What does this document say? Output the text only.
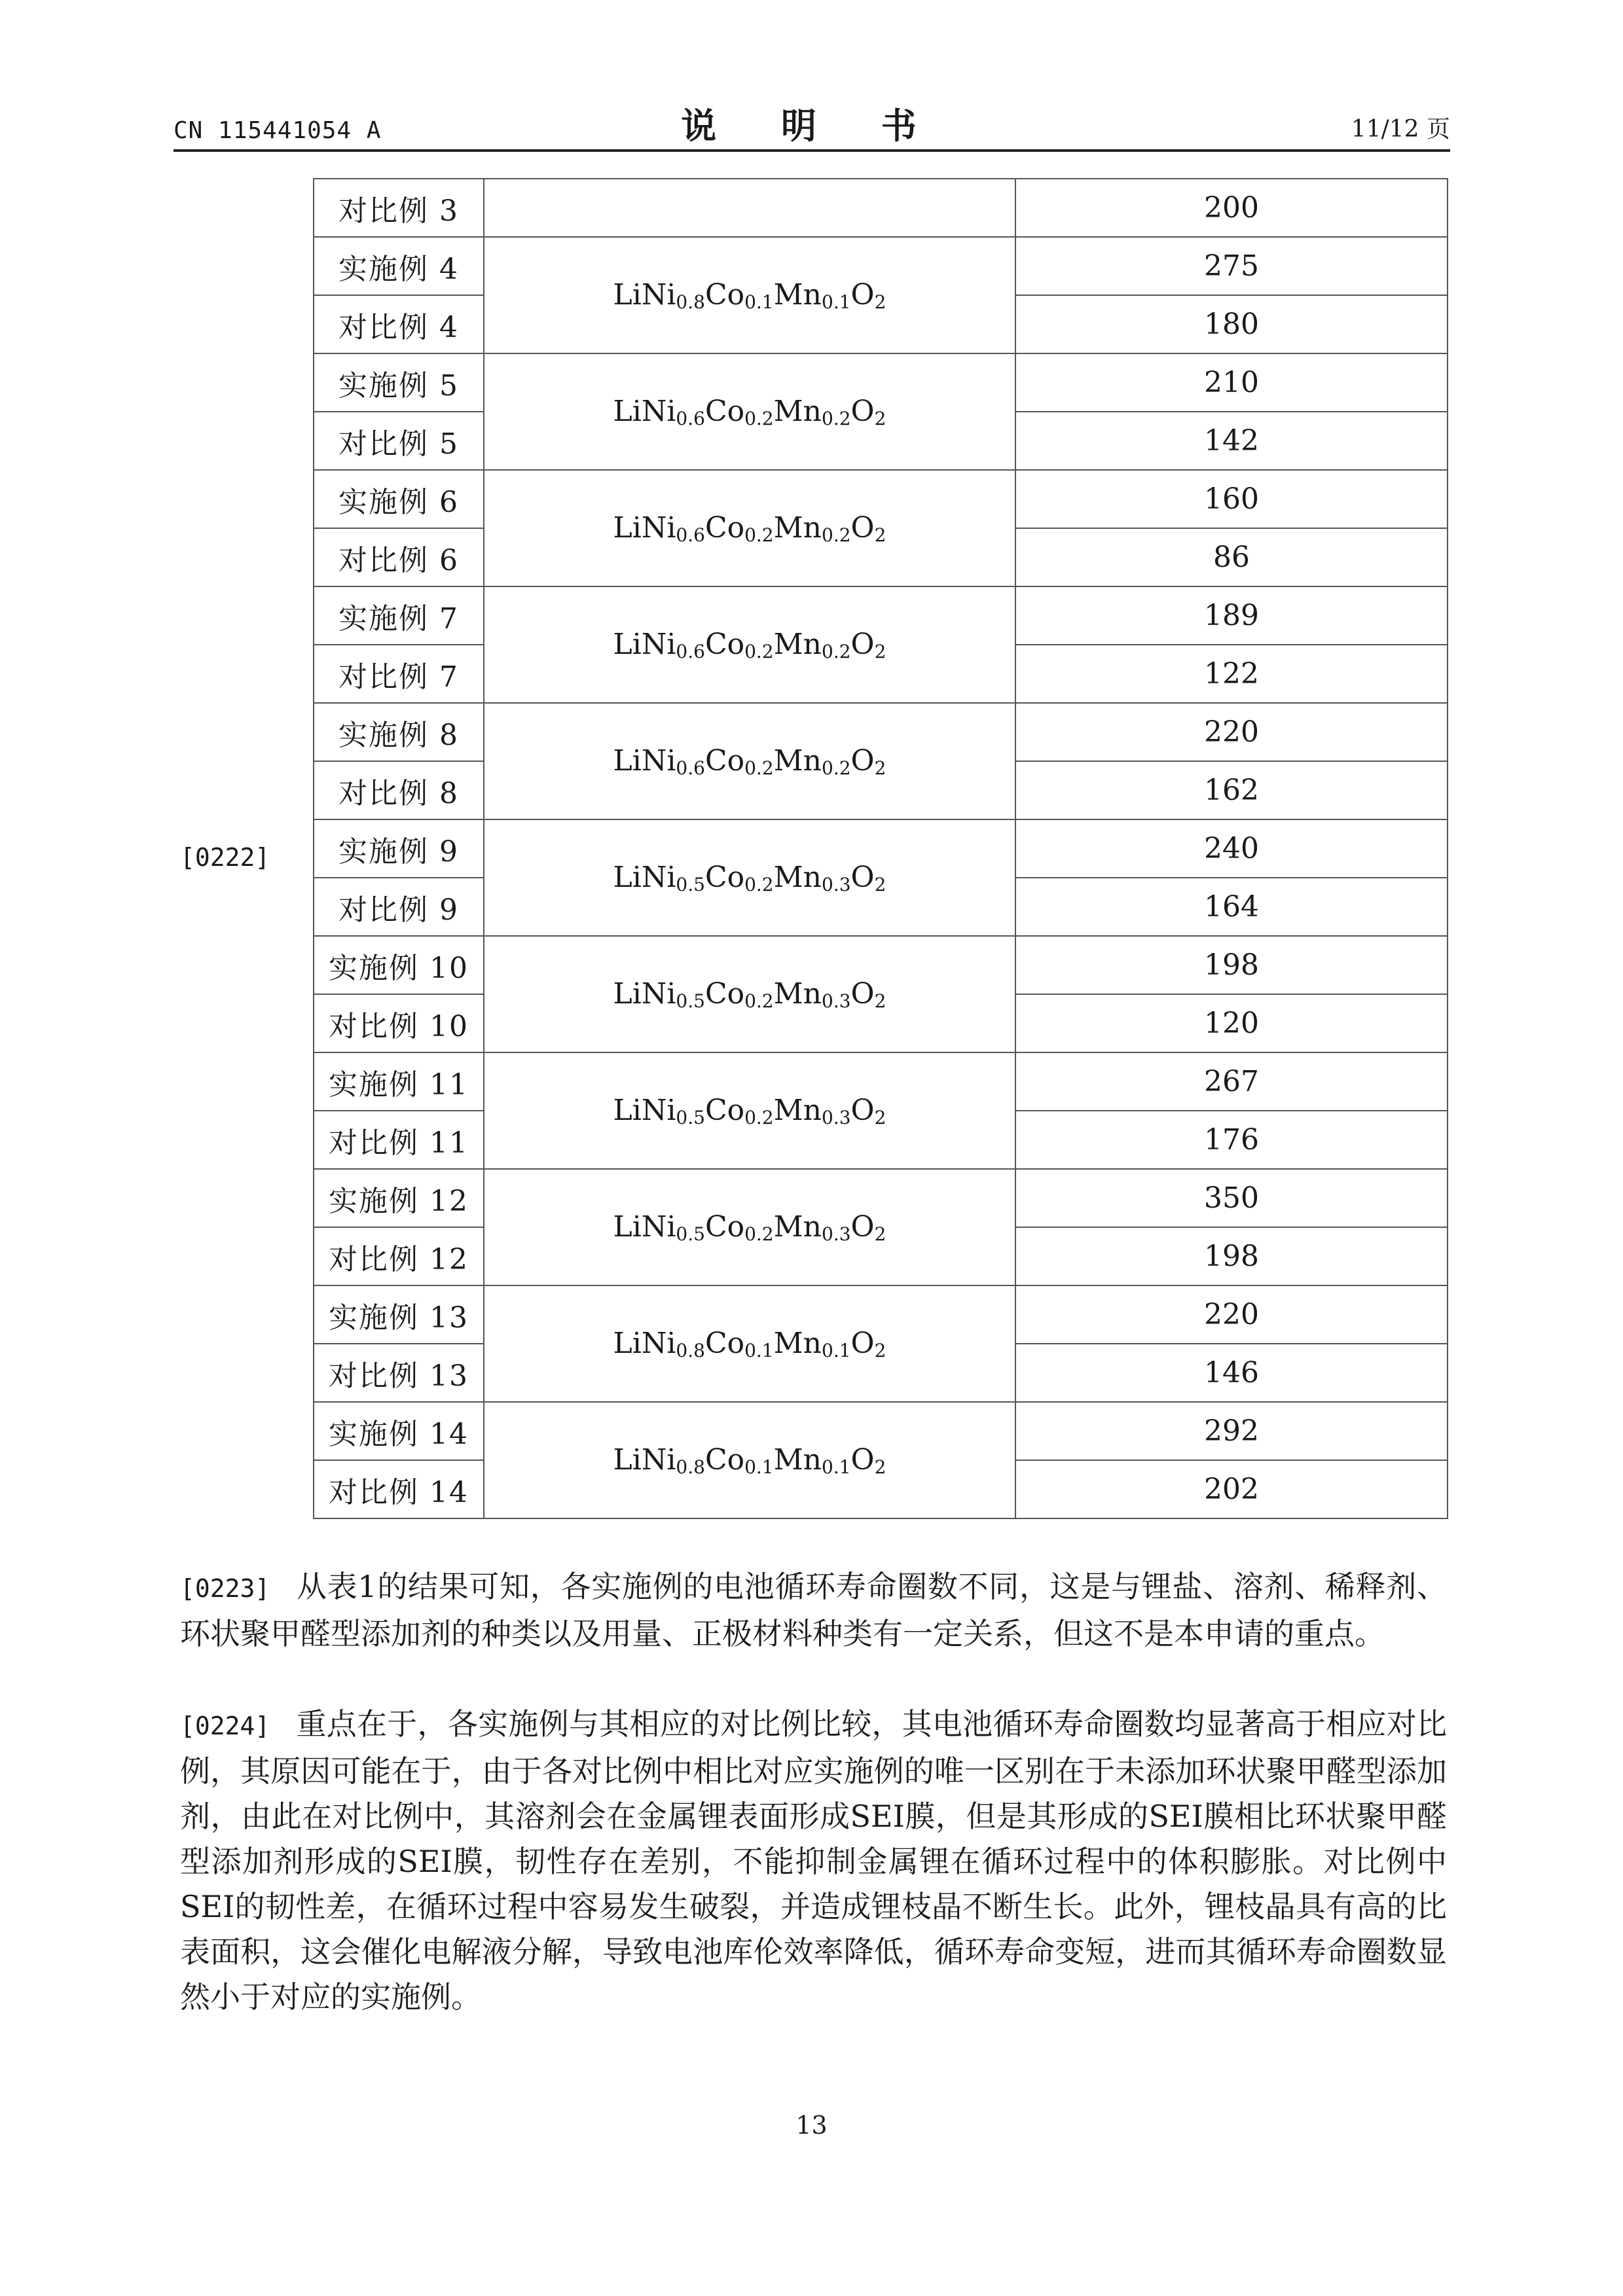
CN 115441054 A	说 明 书	11/12 页
[0222]
对比例 3		200
实施例 4	$LiNi_{0.8}Co_{0.1}Mn_{0.1}O_2$	275
对比例 4		180
实施例 5	$LiNi_{0.6}Co_{0.2}Mn_{0.2}O_2$	210
对比例 5		142
实施例 6	$LiNi_{0.6}Co_{0.2}Mn_{0.2}O_2$	160
对比例 6		86
实施例 7	$LiNi_{0.6}Co_{0.2}Mn_{0.2}O_2$	189
对比例 7		122
实施例 8	$LiNi_{0.6}Co_{0.2}Mn_{0.2}O_2$	220
对比例 8		162
实施例 9	$LiNi_{0.5}Co_{0.2}Mn_{0.3}O_2$	240
对比例 9		164
实施例 10	$LiNi_{0.5}Co_{0.2}Mn_{0.3}O_2$	198
对比例 10		120
实施例 11	$LiNi_{0.5}Co_{0.2}Mn_{0.3}O_2$	267
对比例 11		176
实施例 12	$LiNi_{0.5}Co_{0.2}Mn_{0.3}O_2$	350
对比例 12		198
实施例 13	$LiNi_{0.8}Co_{0.1}Mn_{0.1}O_2$	220
对比例 13		146
实施例 14	$LiNi_{0.8}Co_{0.1}Mn_{0.1}O_2$	292
对比例 14		202
[0223] 从表1的结果可知，各实施例的电池循环寿命圈数不同，这是与锂盐、溶剂、稀释剂、环状聚甲醛型添加剂的种类以及用量、正极材料种类有一定关系，但这不是本申请的重点。
[0224] 重点在于，各实施例与其相应的对比例比较，其电池循环寿命圈数均显著高于相应对比例，其原因可能在于，由于各对比例中相比对应实施例的唯一区别在于未添加环状聚甲醛型添加剂，由此在对比例中，其溶剂会在金属锂表面形成SEI膜，但是其形成的SEI膜相比环状聚甲醛型添加剂形成的SEI膜，韧性存在差别，不能抑制金属锂在循环过程中的体积膨胀。对比例中SEI的韧性差，在循环过程中容易发生破裂，并造成锂枝晶不断生长。此外，锂枝晶具有高的比表面积，这会催化电解液分解，导致电池库伦效率降低，循环寿命变短，进而其循环寿命圈数显然小于对应的实施例。
13
